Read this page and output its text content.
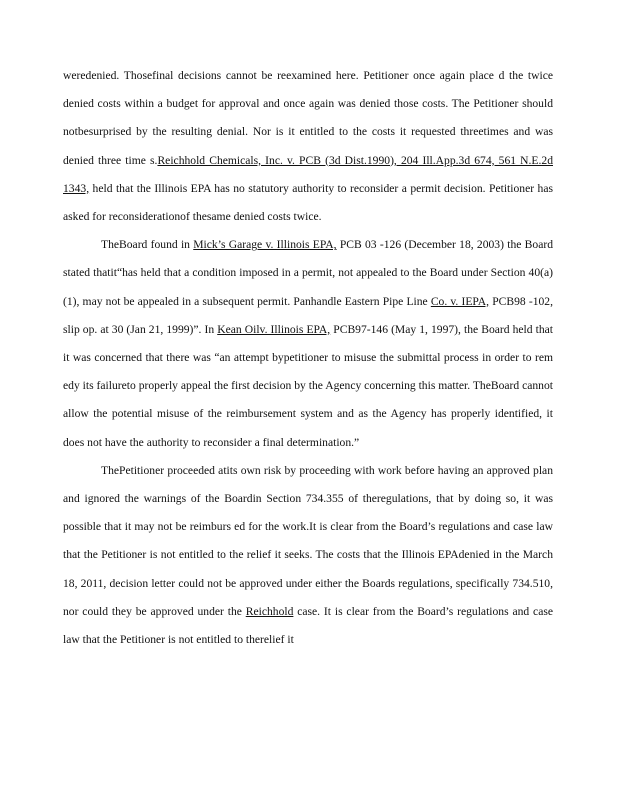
weredenied. Thosefinal decisions cannot be reexamined here. Petitioner once again place d the twice denied costs within a budget for approval and once again was denied those costs. The Petitioner should notbesurprised by the resulting denial. Nor is it entitled to the costs it requested threetimes and was denied three time s.Reichhold Chemicals, Inc. v. PCB (3d Dist.1990), 204 Ill.App.3d 674, 561 N.E.2d 1343, held that the Illinois EPA has no statutory authority to reconsider a permit decision. Petitioner has asked for reconsiderationof thesame denied costs twice.

TheBoard found in Mick’s Garage v. Illinois EPA, PCB 03 -126 (December 18, 2003) the Board stated thatit“has held that a condition imposed in a permit, not appealed to the Board under Section 40(a)(1), may not be appealed in a subsequent permit. Panhandle Eastern Pipe Line Co. v. IEPA, PCB98 -102, slip op. at 30 (Jan 21, 1999)”. In Kean Oilv. Illinois EPA, PCB97-146 (May 1, 1997), the Board held that it was concerned that there was “an attempt bypetitioner to misuse the submittal process in order to rem edy its failureto properly appeal the first decision by the Agency concerning this matter. TheBoard cannot allow the potential misuse of the reimbursement system and as the Agency has properly identified, it does not have the authority to reconsider a final determination.”

ThePetitioner proceeded atits own risk by proceeding with work before having an approved plan and ignored the warnings of the Boardin Section 734.355 of theregulations, that by doing so, it was possible that it may not be reimburs ed for the work.It is clear from the Board’s regulations and case law that the Petitioner is not entitled to the relief it seeks. The costs that the Illinois EPAdenied in the March 18, 2011, decision letter could not be approved under either the Boards regulations, specifically 734.510, nor could they be approved under the Reichhold case. It is clear from the Board’s regulations and case law that the Petitioner is not entitled to therelief it
